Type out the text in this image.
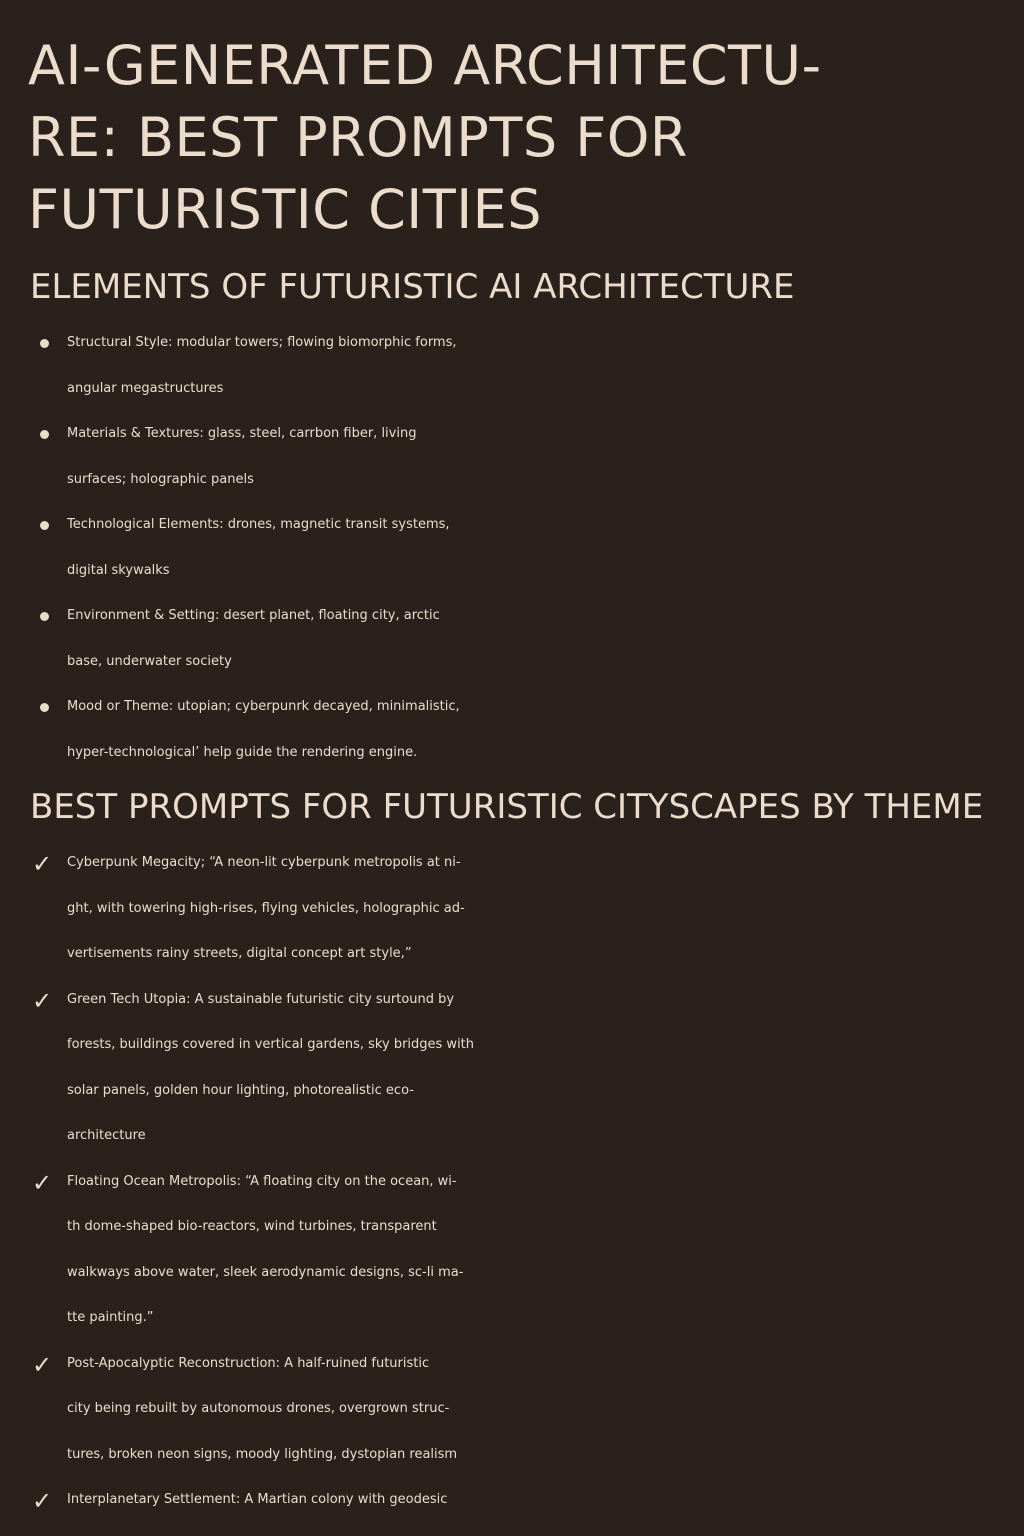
AI-GENERATED ARCHITECTU-
RE: BEST PROMPTS FOR
FUTURISTIC CITIES
ELEMENTS OF FUTURISTIC AI ARCHITECTURE
Structural Style: modular towers; flowing biomorphic forms,
angular megastructures
Materials & Textures: glass, steel, carrbon fiber, living
surfaces; holographic panels
Technological Elements: drones, magnetic transit systems,
digital skywalks
Environment & Setting: desert planet, floating city, arctic
base, underwater society
Mood or Theme: utopian; cyberpunrk decayed, minimalistic,
hyper-technological’ help guide the rendering engine.
BEST PROMPTS FOR FUTURISTIC CITYSCAPES BY THEME
✓ Cyberpunk Megacity; “A neon-lit cyberpunk metropolis at ni-
ght, with towering high-rises, flying vehicles, holographic ad-
vertisements rainy streets, digital concept art style,”
✓ Green Tech Utopia: A sustainable futuristic city surtound by
forests, buildings covered in vertical gardens, sky bridges with
solar panels, golden hour lighting, photorealistic eco-
architecture
✓ Floating Ocean Metropolis: “A floating city on the ocean, wi-
th dome-shaped bio-reactors, wind turbines, transparent
walkways above water, sleek aerodynamic designs, sc-li ma-
tte painting.”
✓ Post-Apocalyptic Reconstruction: A half-ruined futuristic
city being rebuilt by autonomous drones, overgrown struc-
tures, broken neon signs, moody lighting, dystopian realism
✓ Interplanetary Settlement: A Martian colony with geodesic
